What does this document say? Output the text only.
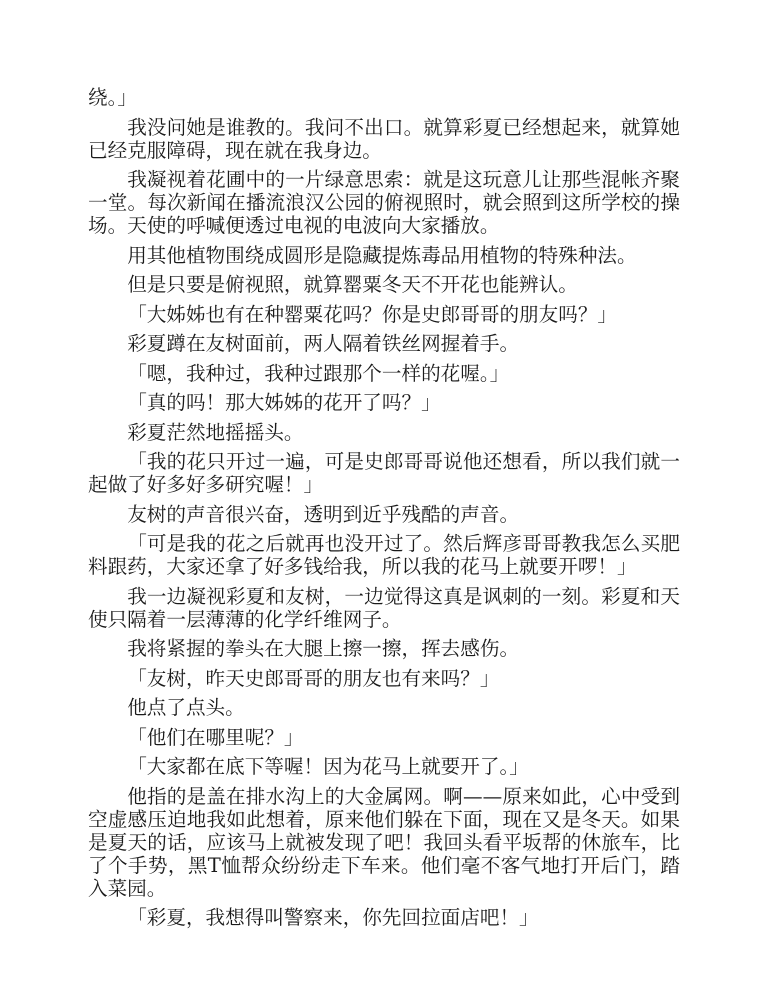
绕。」

我没问她是谁教的。我问不出口。就算彩夏已经想起来，就算她已经克服障碍，现在就在我身边。

我凝视着花圃中的一片绿意思索：就是这玩意儿让那些混帐齐聚一堂。每次新闻在播流浪汉公园的俯视照时，就会照到这所学校的操场。天使的呼喊便透过电视的电波向大家播放。

用其他植物围绕成圆形是隐藏提炼毒品用植物的特殊种法。

但是只要是俯视照，就算罂粟冬天不开花也能辨认。

「大姊姊也有在种罂粟花吗？你是史郎哥哥的朋友吗？」

彩夏蹲在友树面前，两人隔着铁丝网握着手。

「嗯，我种过，我种过跟那个一样的花喔。」

「真的吗！那大姊姊的花开了吗？」

彩夏茫然地摇摇头。

「我的花只开过一遍，可是史郎哥哥说他还想看，所以我们就一起做了好多好多研究喔！」

友树的声音很兴奋，透明到近乎残酷的声音。

「可是我的花之后就再也没开过了。然后辉彦哥哥教我怎么买肥料跟药，大家还拿了好多钱给我，所以我的花马上就要开啰！」

我一边凝视彩夏和友树，一边觉得这真是讽刺的一刻。彩夏和天使只隔着一层薄薄的化学纤维网子。

我将紧握的拳头在大腿上擦一擦，挥去感伤。

「友树，昨天史郎哥哥的朋友也有来吗？」

他点了点头。

「他们在哪里呢？」

「大家都在底下等喔！因为花马上就要开了。」

他指的是盖在排水沟上的大金属网。啊——原来如此，心中受到空虚感压迫地我如此想着，原来他们躲在下面，现在又是冬天。如果是夏天的话，应该马上就被发现了吧！我回头看平坂帮的休旅车，比了个手势，黑T恤帮众纷纷走下车来。他们毫不客气地打开后门，踏入菜园。

「彩夏，我想得叫警察来，你先回拉面店吧！」
